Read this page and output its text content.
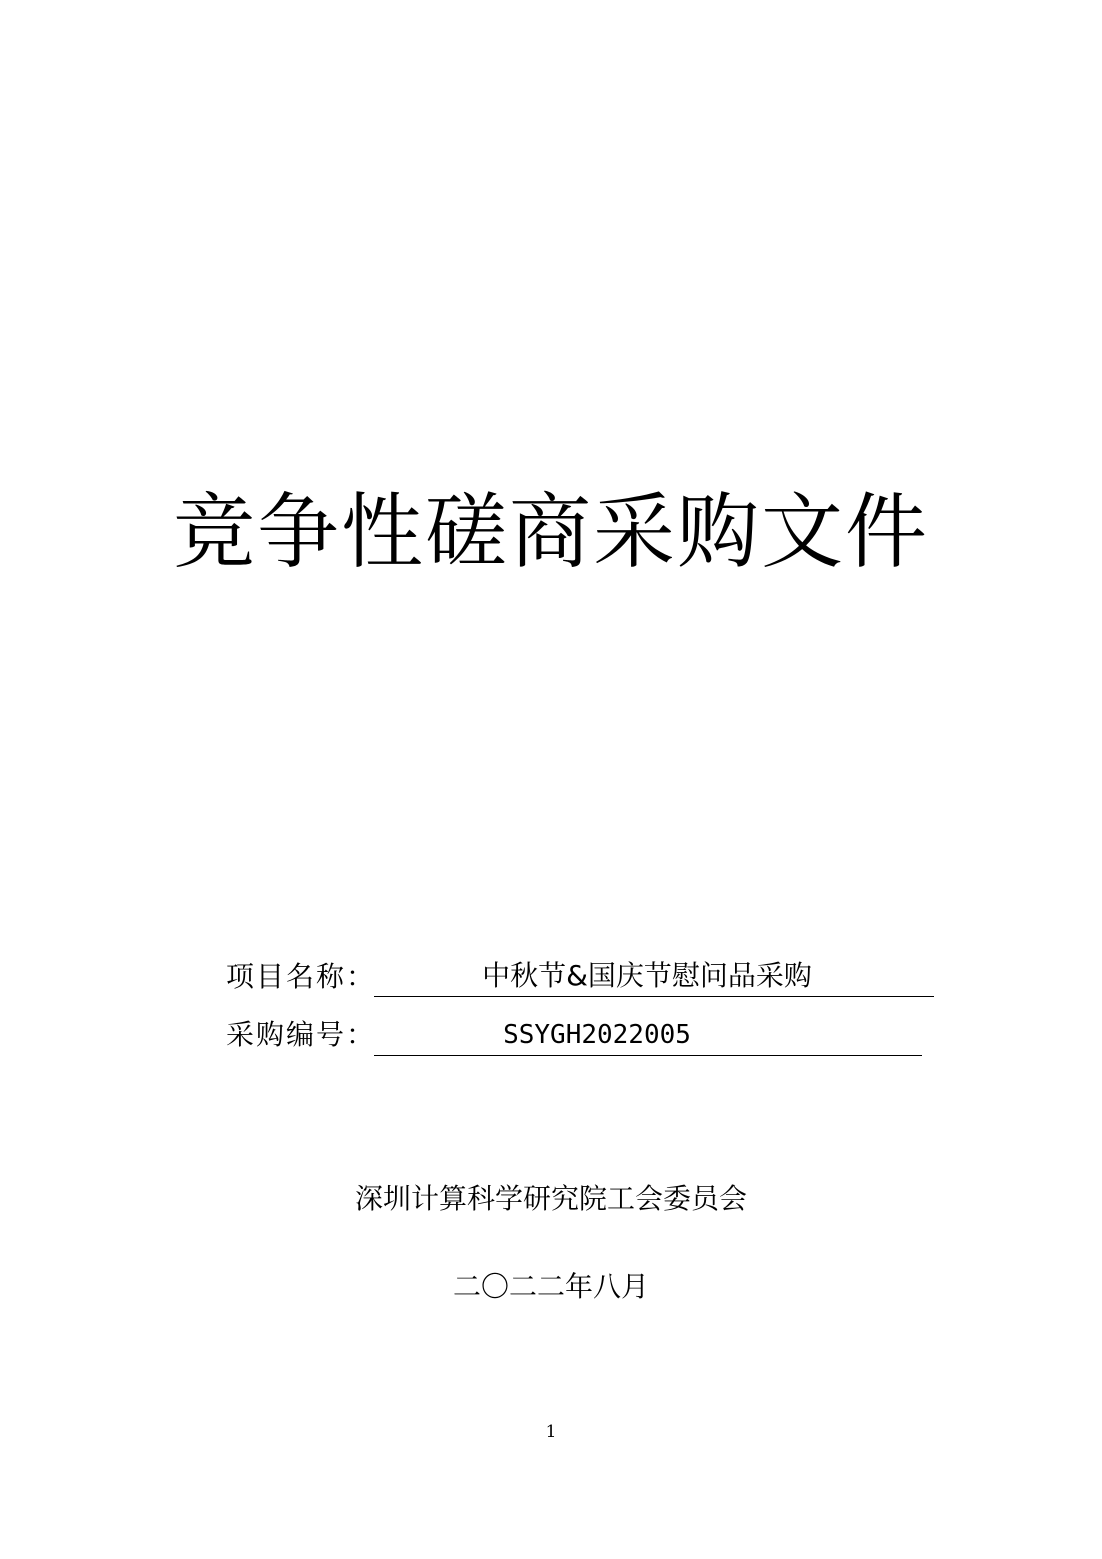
竞争性磋商采购文件
项目名称：	中秋节&国庆节慰问品采购
采购编号：	SSYGH2022005
深圳计算科学研究院工会委员会
二〇二二年八月
1
